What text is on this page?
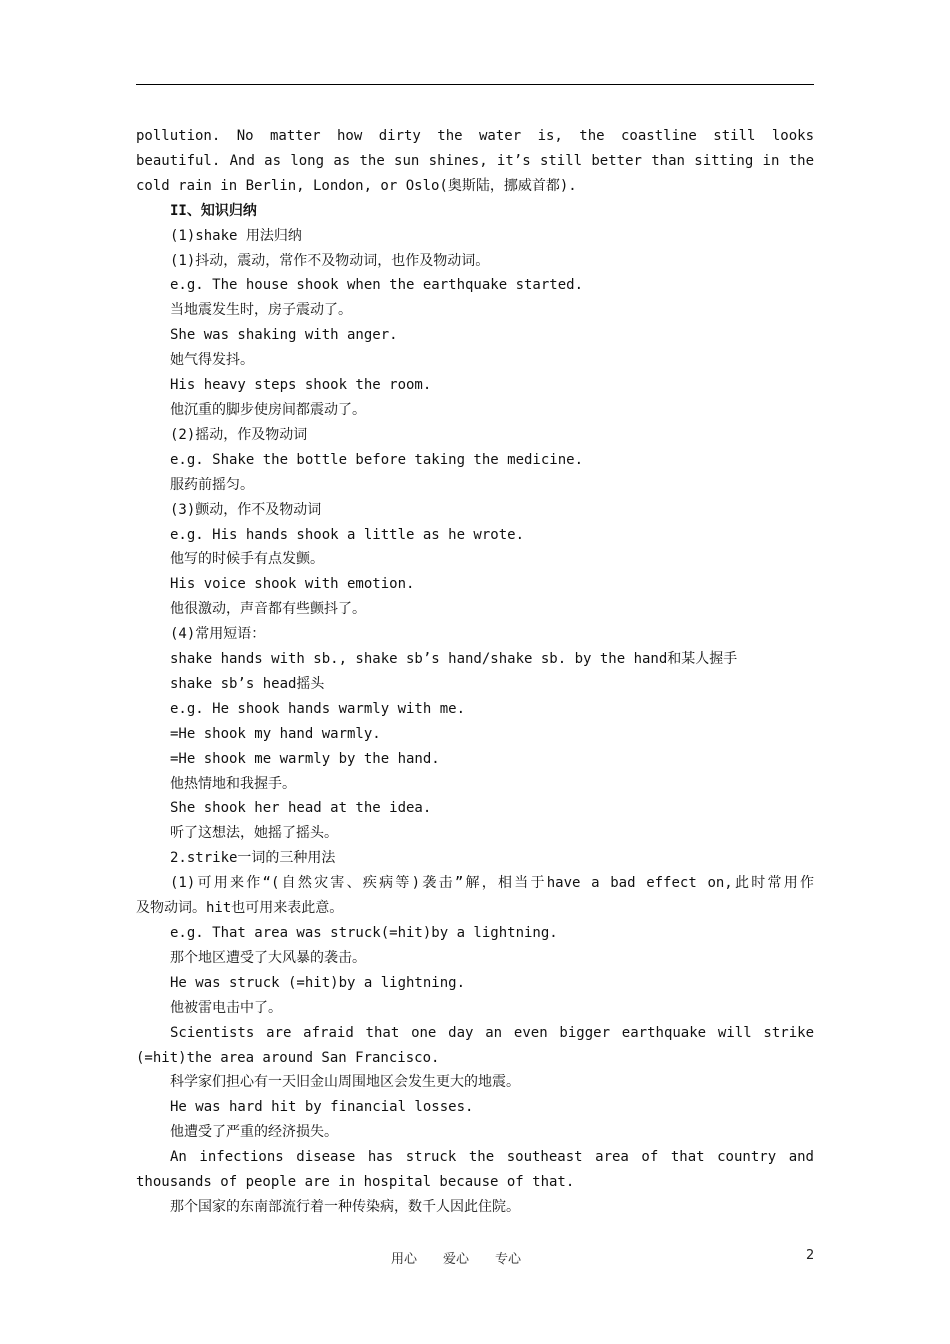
pollution. No matter how dirty the water is, the coastline still looks

beautiful. And as long as the sun shines, it’s still better than sitting in the

cold rain in Berlin, London, or Oslo(奥斯陆，挪威首都).

II、知识归纳

(1)shake 用法归纳

(1)抖动，震动，常作不及物动词，也作及物动词。

e.g. The house shook when the earthquake started.

当地震发生时，房子震动了。

She was shaking with anger.

她气得发抖。

His heavy steps shook the room.

他沉重的脚步使房间都震动了。

(2)摇动，作及物动词

e.g. Shake the bottle before taking the medicine.

服药前摇匀。

(3)颤动，作不及物动词

e.g. His hands shook a little as he wrote.

他写的时候手有点发颤。

His voice shook with emotion.

他很激动，声音都有些颤抖了。

(4)常用短语：

shake hands with sb., shake sb’s hand/shake sb. by the hand和某人握手

shake sb’s head摇头

e.g. He shook hands warmly with me.

=He shook my hand warmly.

=He shook me warmly by the hand.

他热情地和我握手。

She shook her head at the idea.

听了这想法，她摇了摇头。

2.strike一词的三种用法

(1)可用来作“(自然灾害、疾病等)袭击”解，相当于have a bad effect on,此时常用作

及物动词。hit也可用来表此意。

e.g. That area was struck(=hit)by a lightning.

那个地区遭受了大风暴的袭击。

He was struck (=hit)by a lightning.

他被雷电击中了。

Scientists are afraid that one day an even bigger earthquake will strike

(=hit)the area around San Francisco.

科学家们担心有一天旧金山周围地区会发生更大的地震。

He was hard hit by financial losses.

他遭受了严重的经济损失。

An infections disease has struck the southeast area of that country and

thousands of people are in hospital because of that.

那个国家的东南部流行着一种传染病，数千人因此住院。

用心 爱心 专心	2
